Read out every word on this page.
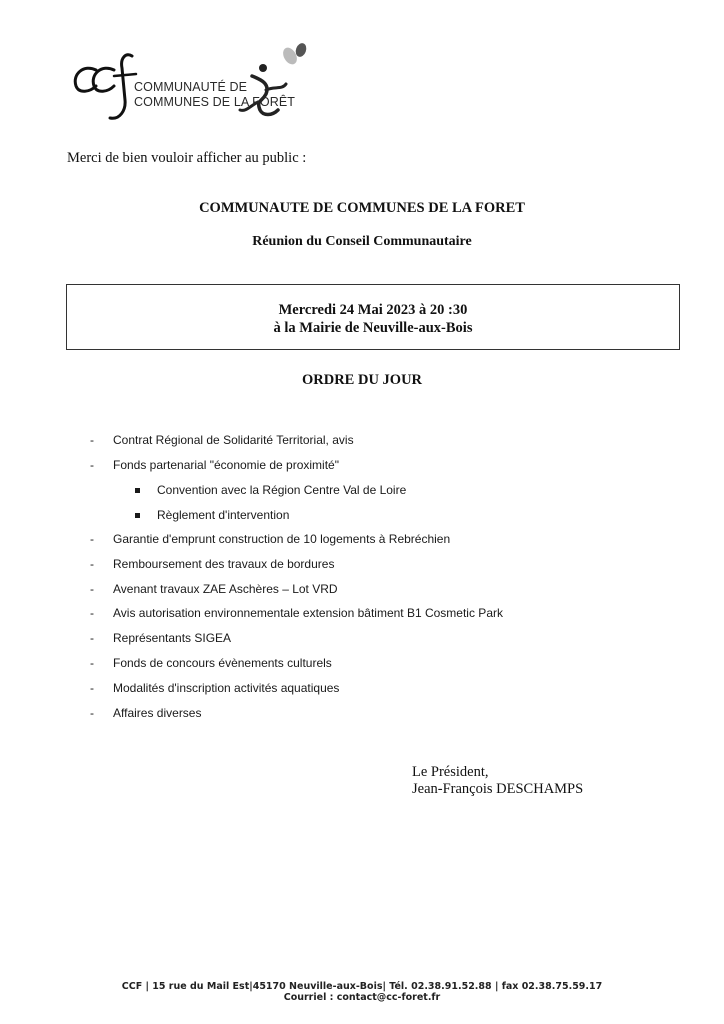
COMMUNAUTÉ DE
COMMUNES DE LA FORÊT
Merci de bien vouloir afficher au public :
COMMUNAUTE DE COMMUNES DE LA FORET
Réunion du Conseil Communautaire
Mercredi 24 Mai 2023 à 20 :30
à la Mairie de Neuville-aux-Bois
ORDRE DU JOUR
- Contrat Régional de Solidarité Territorial, avis
- Fonds partenarial "économie de proximité"
Convention avec la Région Centre Val de Loire
Règlement d'intervention
- Garantie d'emprunt construction de 10 logements à Rebréchien
- Remboursement des travaux de bordures
- Avenant travaux ZAE Aschères – Lot VRD
- Avis autorisation environnementale extension bâtiment B1 Cosmetic Park
- Représentants SIGEA
- Fonds de concours évènements culturels
- Modalités d'inscription activités aquatiques
- Affaires diverses
Le Président,
Jean-François DESCHAMPS
CCF | 15 rue du Mail Est|45170 Neuville-aux-Bois| Tél. 02.38.91.52.88 | fax 02.38.75.59.17
Courriel : contact@cc-foret.fr
